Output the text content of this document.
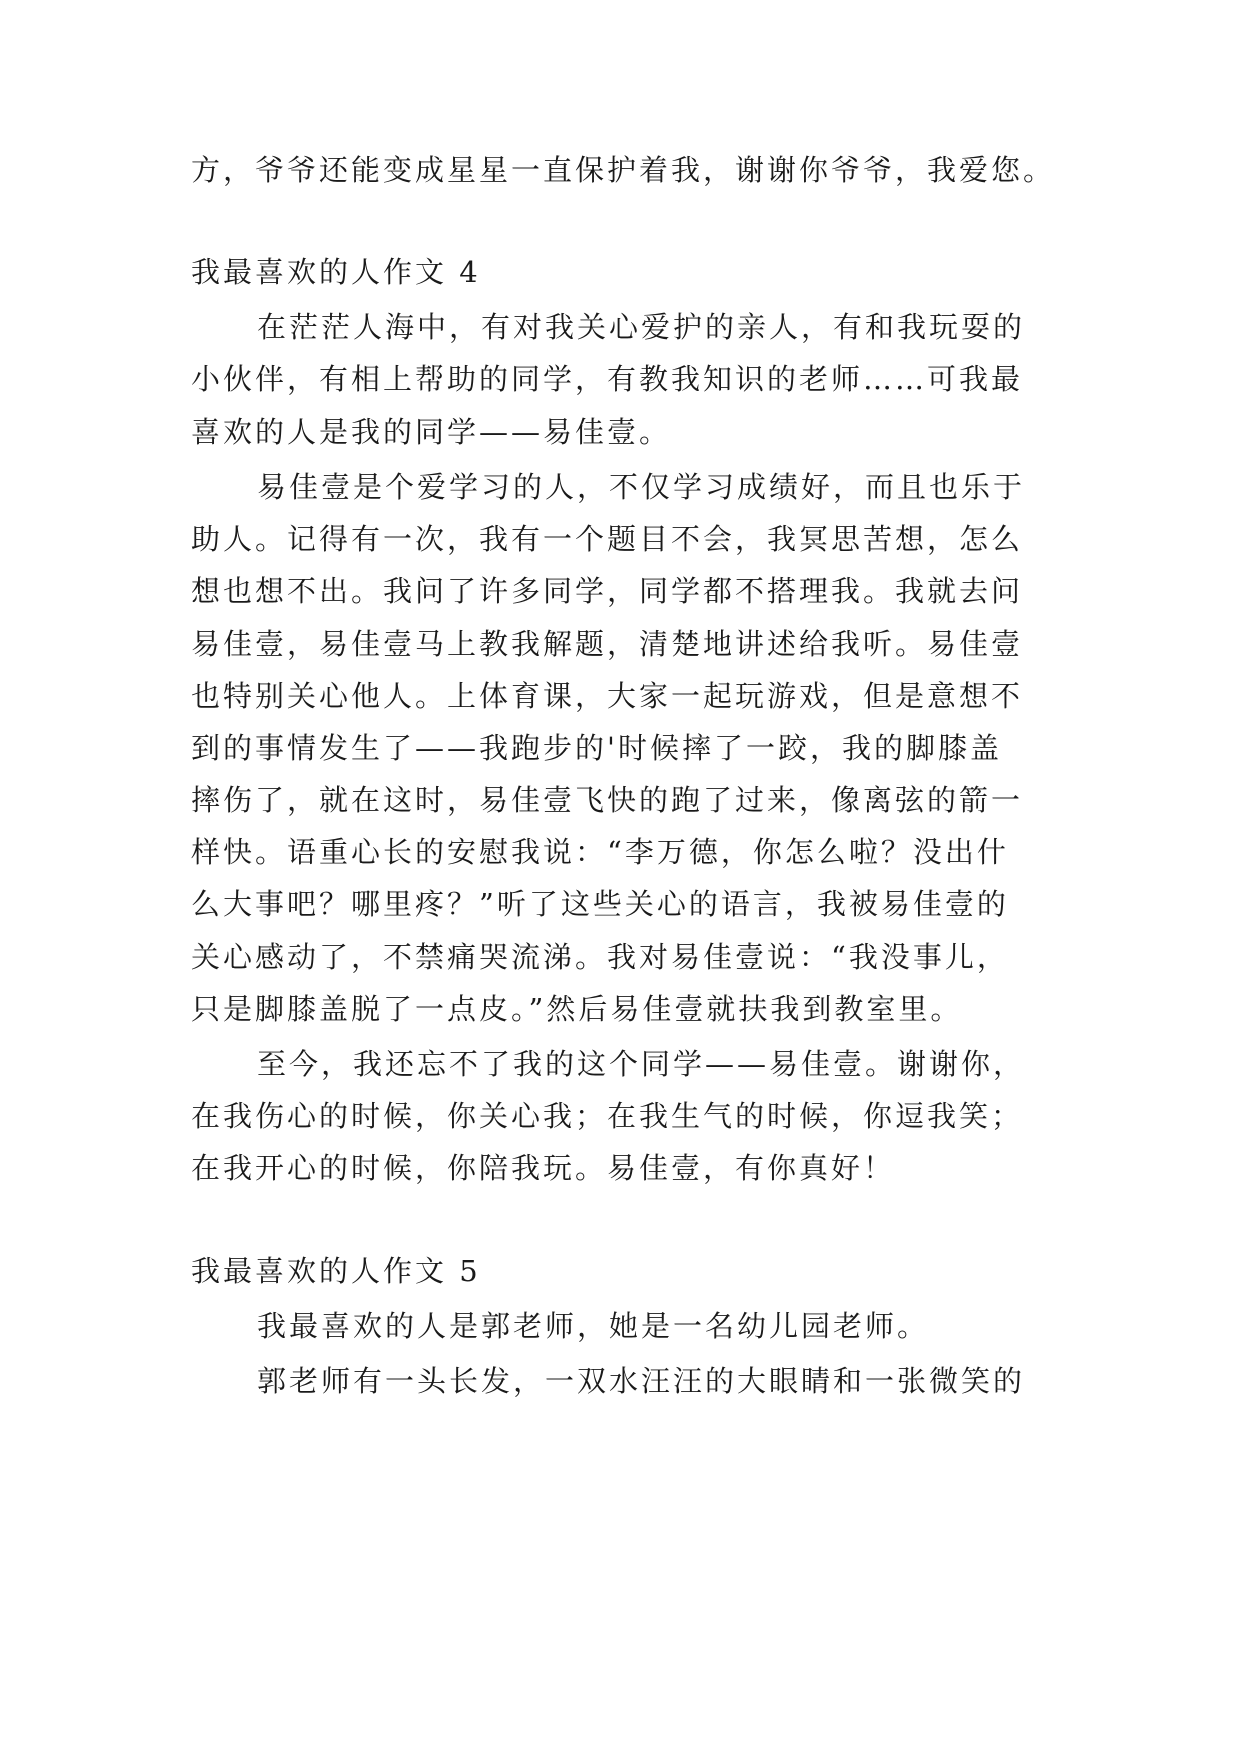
方，爷爷还能变成星星一直保护着我，谢谢你爷爷，我爱您。
我最喜欢的人作文 4
在茫茫人海中，有对我关心爱护的亲人，有和我玩耍的
小伙伴，有相上帮助的同学，有教我知识的老师……可我最
喜欢的人是我的同学——易佳壹。
易佳壹是个爱学习的人，不仅学习成绩好，而且也乐于
助人。记得有一次，我有一个题目不会，我冥思苦想，怎么
想也想不出。我问了许多同学，同学都不搭理我。我就去问
易佳壹，易佳壹马上教我解题，清楚地讲述给我听。易佳壹
也特别关心他人。上体育课，大家一起玩游戏，但是意想不
到的事情发生了——我跑步的'时候摔了一跤，我的脚膝盖
摔伤了，就在这时，易佳壹飞快的跑了过来，像离弦的箭一
样快。语重心长的安慰我说：“李万德，你怎么啦？没出什
么大事吧？哪里疼？”听了这些关心的语言，我被易佳壹的
关心感动了，不禁痛哭流涕。我对易佳壹说：“我没事儿，
只是脚膝盖脱了一点皮。”然后易佳壹就扶我到教室里。
至今，我还忘不了我的这个同学——易佳壹。谢谢你，
在我伤心的时候，你关心我；在我生气的时候，你逗我笑；
在我开心的时候，你陪我玩。易佳壹，有你真好！
我最喜欢的人作文 5
我最喜欢的人是郭老师，她是一名幼儿园老师。
郭老师有一头长发，一双水汪汪的大眼睛和一张微笑的
